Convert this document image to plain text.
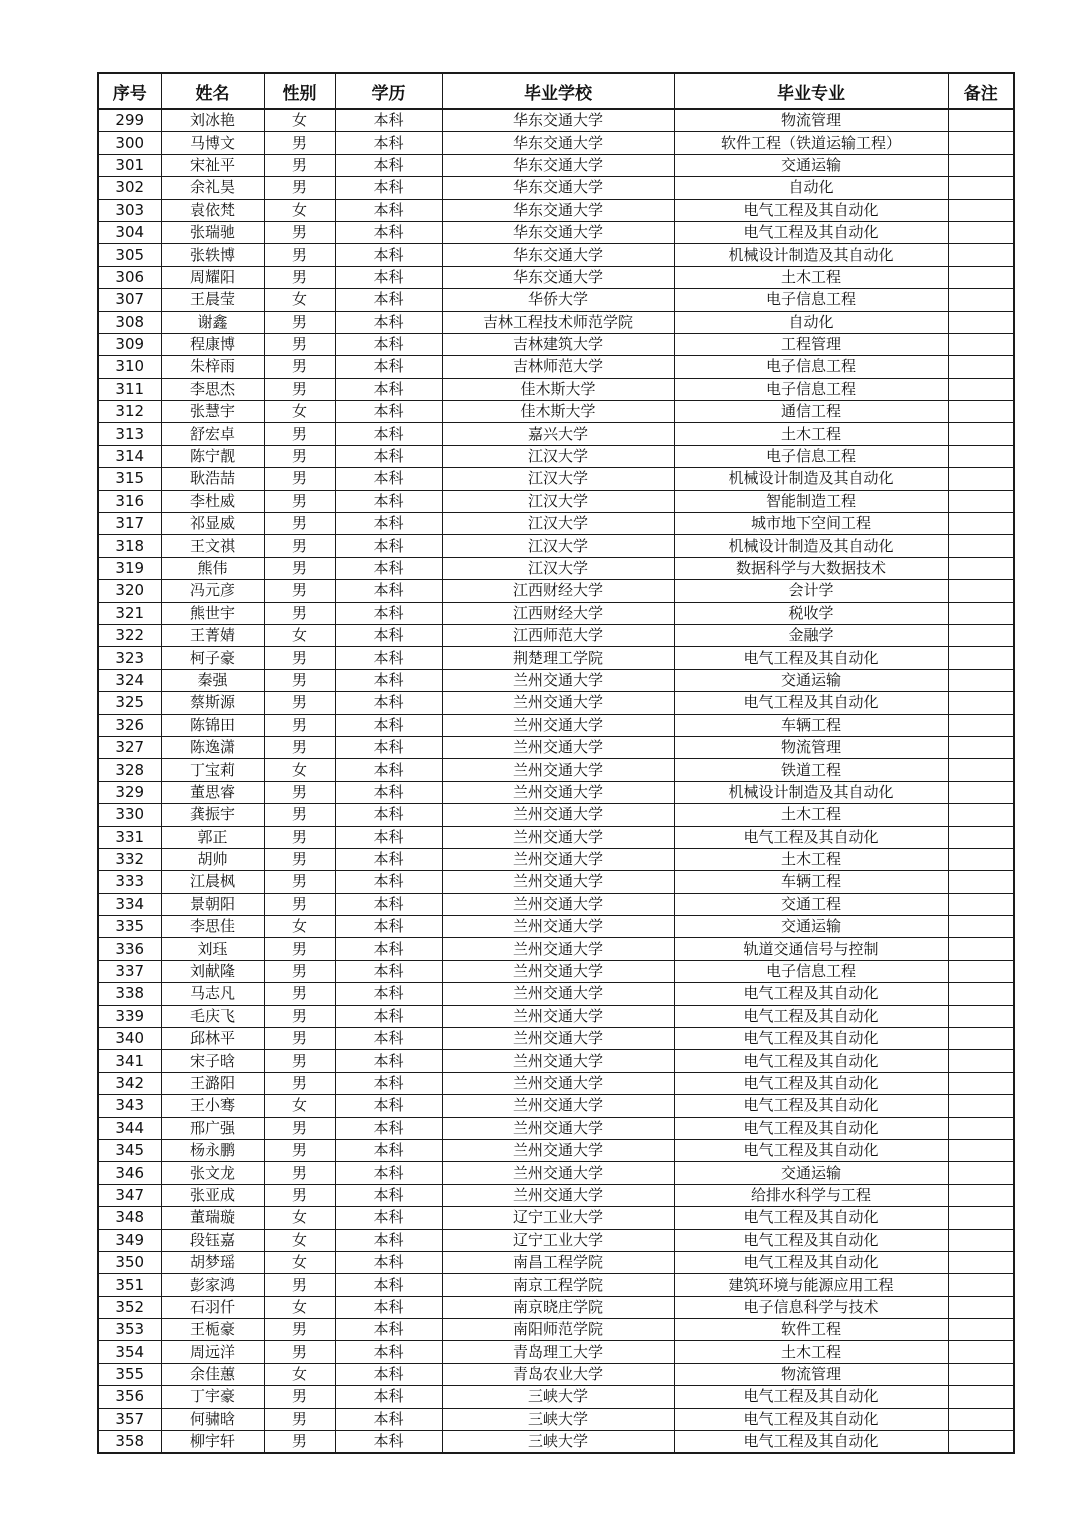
序号	姓名	性别	学历	毕业学校	毕业专业	备注
299	刘冰艳	女	本科	华东交通大学	物流管理	
300	马博文	男	本科	华东交通大学	软件工程（铁道运输工程）	
301	宋祉平	男	本科	华东交通大学	交通运输	
302	余礼昊	男	本科	华东交通大学	自动化	
303	袁依梵	女	本科	华东交通大学	电气工程及其自动化	
304	张瑞驰	男	本科	华东交通大学	电气工程及其自动化	
305	张轶博	男	本科	华东交通大学	机械设计制造及其自动化	
306	周耀阳	男	本科	华东交通大学	土木工程	
307	王晨莹	女	本科	华侨大学	电子信息工程	
308	谢鑫	男	本科	吉林工程技术师范学院	自动化	
309	程康博	男	本科	吉林建筑大学	工程管理	
310	朱梓雨	男	本科	吉林师范大学	电子信息工程	
311	李思杰	男	本科	佳木斯大学	电子信息工程	
312	张慧宇	女	本科	佳木斯大学	通信工程	
313	舒宏卓	男	本科	嘉兴大学	土木工程	
314	陈宁靓	男	本科	江汉大学	电子信息工程	
315	耿浩喆	男	本科	江汉大学	机械设计制造及其自动化	
316	李杜威	男	本科	江汉大学	智能制造工程	
317	祁显威	男	本科	江汉大学	城市地下空间工程	
318	王文祺	男	本科	江汉大学	机械设计制造及其自动化	
319	熊伟	男	本科	江汉大学	数据科学与大数据技术	
320	冯元彦	男	本科	江西财经大学	会计学	
321	熊世宇	男	本科	江西财经大学	税收学	
322	王菁婧	女	本科	江西师范大学	金融学	
323	柯子豪	男	本科	荆楚理工学院	电气工程及其自动化	
324	秦强	男	本科	兰州交通大学	交通运输	
325	蔡斯源	男	本科	兰州交通大学	电气工程及其自动化	
326	陈锦田	男	本科	兰州交通大学	车辆工程	
327	陈逸潇	男	本科	兰州交通大学	物流管理	
328	丁宝莉	女	本科	兰州交通大学	铁道工程	
329	董思睿	男	本科	兰州交通大学	机械设计制造及其自动化	
330	龚振宇	男	本科	兰州交通大学	土木工程	
331	郭正	男	本科	兰州交通大学	电气工程及其自动化	
332	胡帅	男	本科	兰州交通大学	土木工程	
333	江晨枫	男	本科	兰州交通大学	车辆工程	
334	景朝阳	男	本科	兰州交通大学	交通工程	
335	李思佳	女	本科	兰州交通大学	交通运输	
336	刘珏	男	本科	兰州交通大学	轨道交通信号与控制	
337	刘献隆	男	本科	兰州交通大学	电子信息工程	
338	马志凡	男	本科	兰州交通大学	电气工程及其自动化	
339	毛庆飞	男	本科	兰州交通大学	电气工程及其自动化	
340	邱林平	男	本科	兰州交通大学	电气工程及其自动化	
341	宋子晗	男	本科	兰州交通大学	电气工程及其自动化	
342	王潞阳	男	本科	兰州交通大学	电气工程及其自动化	
343	王小骞	女	本科	兰州交通大学	电气工程及其自动化	
344	邢广强	男	本科	兰州交通大学	电气工程及其自动化	
345	杨永鹏	男	本科	兰州交通大学	电气工程及其自动化	
346	张文龙	男	本科	兰州交通大学	交通运输	
347	张亚成	男	本科	兰州交通大学	给排水科学与工程	
348	董瑞璇	女	本科	辽宁工业大学	电气工程及其自动化	
349	段钰嘉	女	本科	辽宁工业大学	电气工程及其自动化	
350	胡梦瑶	女	本科	南昌工程学院	电气工程及其自动化	
351	彭家鸿	男	本科	南京工程学院	建筑环境与能源应用工程	
352	石羽仟	女	本科	南京晓庄学院	电子信息科学与技术	
353	王栀豪	男	本科	南阳师范学院	软件工程	
354	周远洋	男	本科	青岛理工大学	土木工程	
355	余佳蕙	女	本科	青岛农业大学	物流管理	
356	丁宇豪	男	本科	三峡大学	电气工程及其自动化	
357	何骕晗	男	本科	三峡大学	电气工程及其自动化	
358	柳宇轩	男	本科	三峡大学	电气工程及其自动化	
